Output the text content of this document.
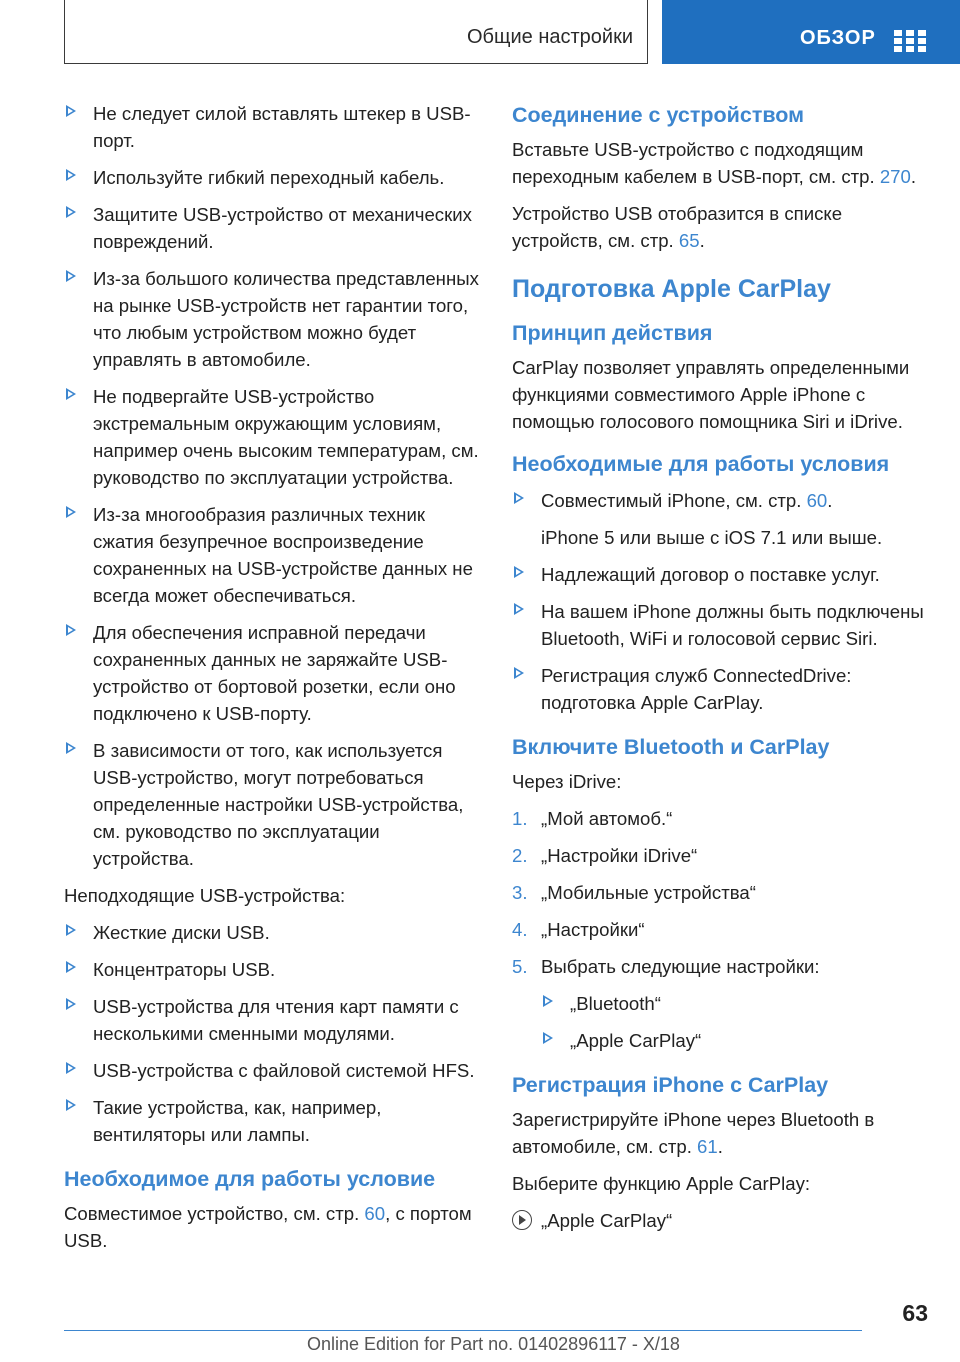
Общие настройки	ОБЗОР
Не следует силой вставлять штекер в USB-порт.
Используйте гибкий переходный кабель.
Защитите USB-устройство от механических повреждений.
Из-за большого количества представленных на рынке USB-устройств нет гарантии того, что любым устройством можно будет управлять в автомобиле.
Не подвергайте USB-устройство экстремальным окружающим условиям, например очень высоким температурам, см. руководство по эксплуатации устройства.
Из-за многообразия различных техник сжатия безупречное воспроизведение сохраненных на USB-устройстве данных не всегда может обеспечиваться.
Для обеспечения исправной передачи сохраненных данных не заряжайте USB-устройство от бортовой розетки, если оно подключено к USB-порту.
В зависимости от того, как используется USB-устройство, могут потребоваться определенные настройки USB-устройства, см. руководство по эксплуатации устройства.

Неподходящие USB-устройства:

Жесткие диски USB.
Концентраторы USB.
USB-устройства для чтения карт памяти с несколькими сменными модулями.
USB-устройства с файловой системой HFS.
Такие устройства, как, например, вентиляторы или лампы.
Необходимое для работы условие

Совместимое устройство, см. стр. 60, с портом USB.

Соединение с устройством

Вставьте USB-устройство с подходящим переходным кабелем в USB-порт, см. стр. 270.

Устройство USB отобразится в списке устройств, см. стр. 65.

Подготовка Apple CarPlay
Принцип действия

CarPlay позволяет управлять определенными функциями совместимого Apple iPhone с помощью голосового помощника Siri и iDrive.

Необходимые для работы условия
Совместимый iPhone, см. стр. 60.

iPhone 5 или выше с iOS 7.1 или выше.

Надлежащий договор о поставке услуг.
На вашем iPhone должны быть подключены Bluetooth, WiFi и голосовой сервис Siri.
Регистрация служб ConnectedDrive: подготовка Apple CarPlay.
Включите Bluetooth и CarPlay

Через iDrive:

1. „Мой автомоб.“
2. „Настройки iDrive“
3. „Мобильные устройства“
4. „Настройки“
5. Выбрать следующие настройки:
„Bluetooth“
„Apple CarPlay“
Регистрация iPhone с CarPlay

Зарегистрируйте iPhone через Bluetooth в автомобиле, см. стр. 61.

Выберите функцию Apple CarPlay:

„Apple CarPlay“
63
Online Edition for Part no. 01402896117 - X/18
